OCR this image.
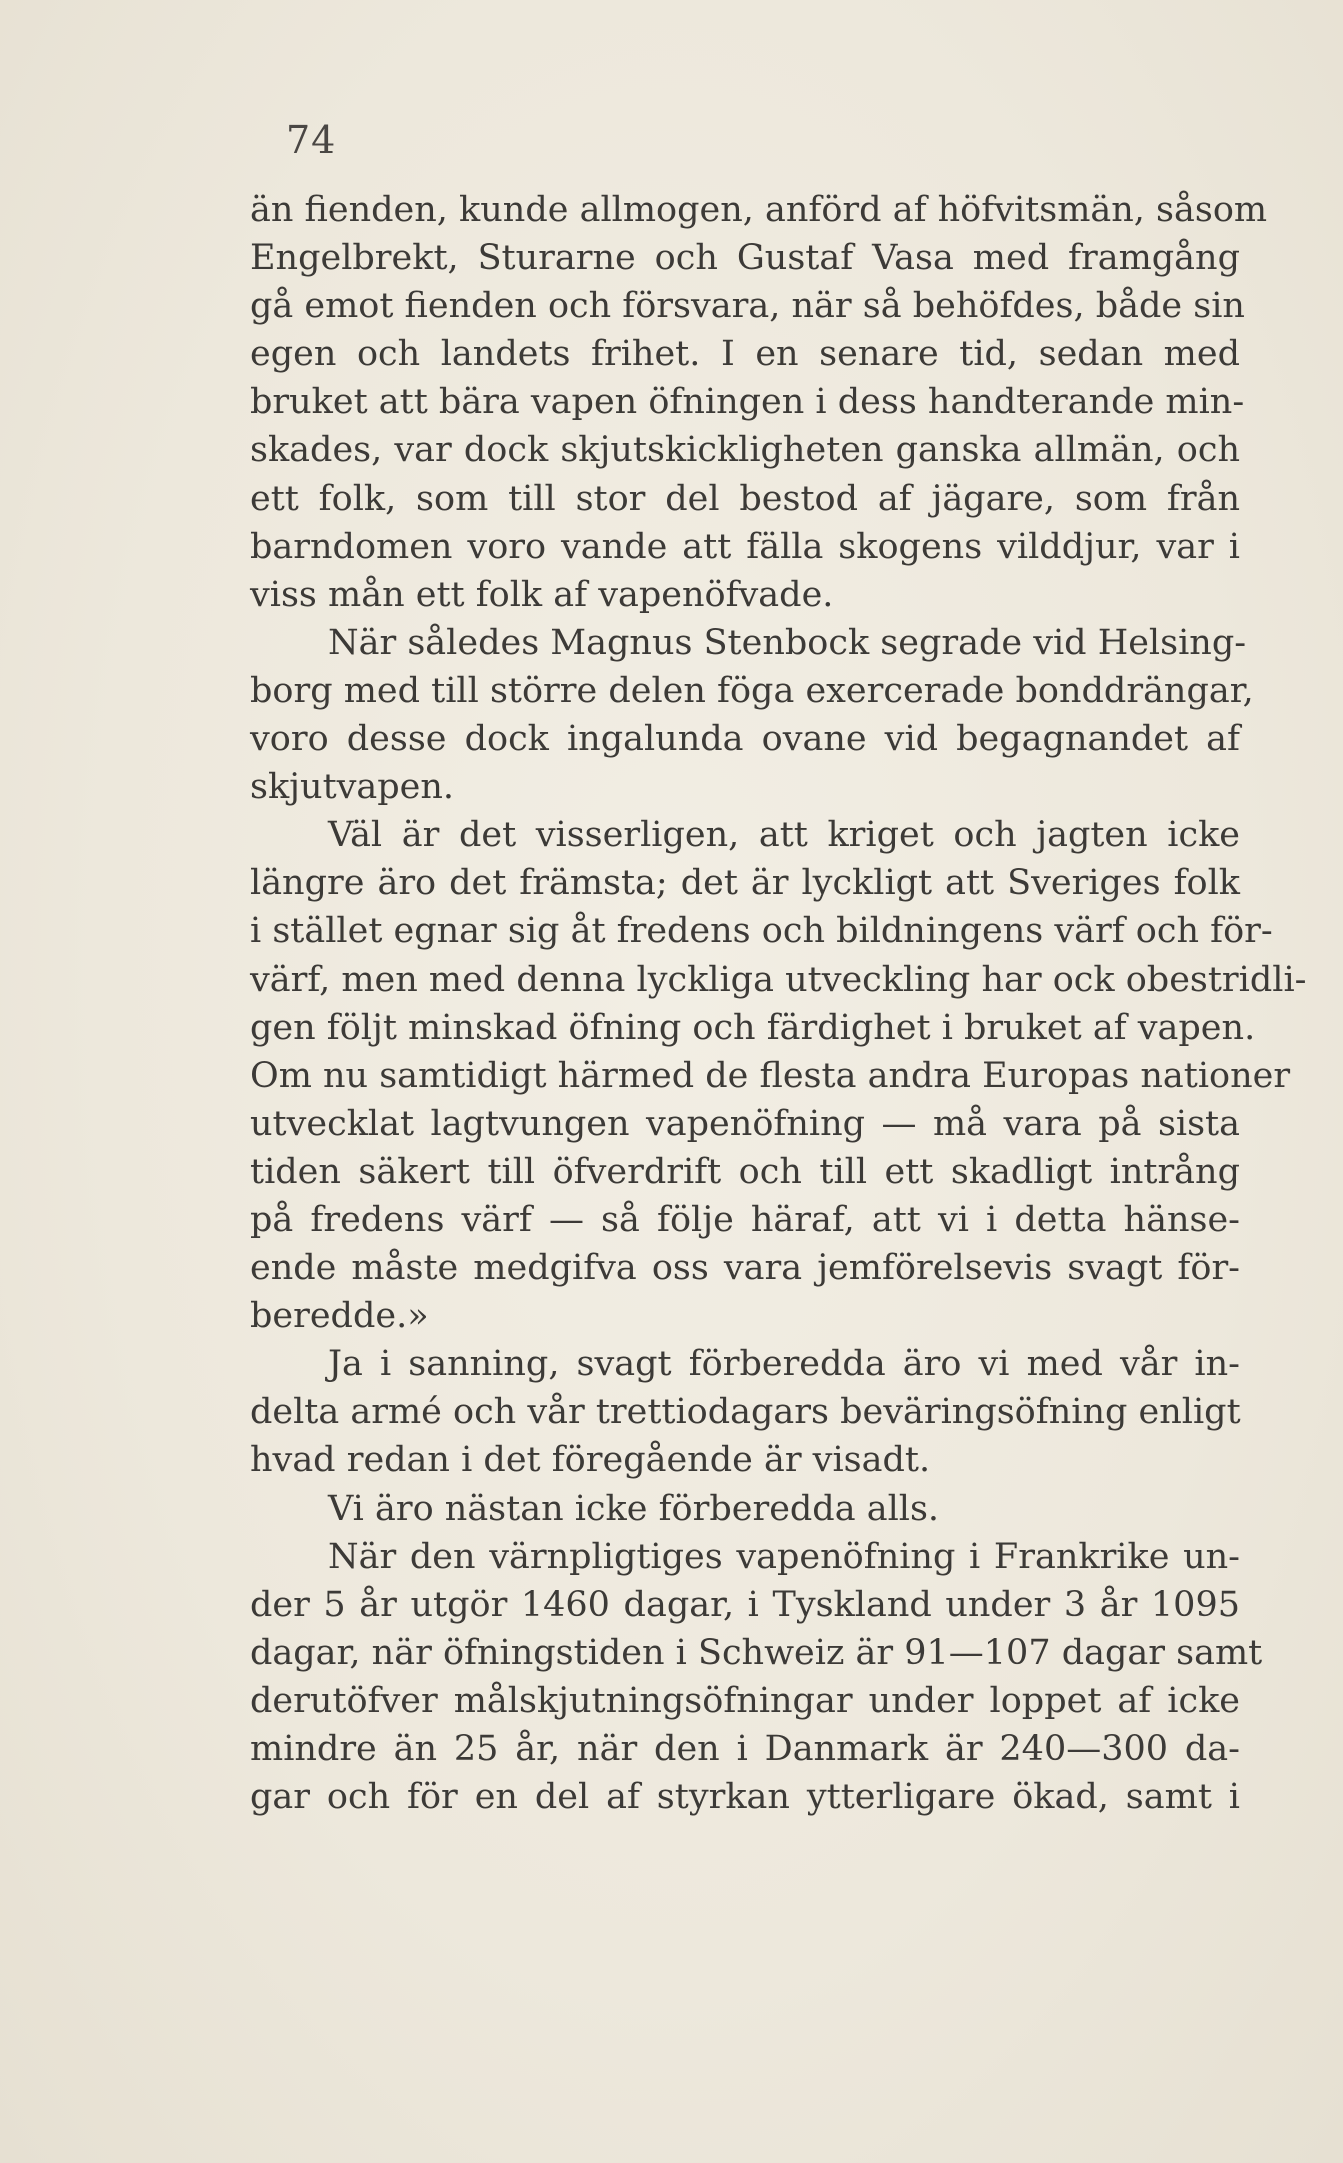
74
än fienden, kunde allmogen, anförd af höfvitsmän, såsom
Engelbrekt, Sturarne och Gustaf Vasa med framgång
gå emot fienden och försvara, när så behöfdes, både sin
egen och landets frihet. I en senare tid, sedan med
bruket att bära vapen öfningen i dess handterande min-
skades, var dock skjutskickligheten ganska allmän, och
ett folk, som till stor del bestod af jägare, som från
barndomen voro vande att fälla skogens vilddjur, var i
viss mån ett folk af vapenöfvade.
När således Magnus Stenbock segrade vid Helsing-
borg med till större delen föga exercerade bonddrängar,
voro desse dock ingalunda ovane vid begagnandet af
skjutvapen.
Väl är det visserligen, att kriget och jagten icke
längre äro det främsta; det är lyckligt att Sveriges folk
i stället egnar sig åt fredens och bildningens värf och för-
värf, men med denna lyckliga utveckling har ock obestridli-
gen följt minskad öfning och färdighet i bruket af vapen.
Om nu samtidigt härmed de flesta andra Europas nationer
utvecklat lagtvungen vapenöfning — må vara på sista
tiden säkert till öfverdrift och till ett skadligt intrång
på fredens värf — så följe häraf, att vi i detta hänse-
ende måste medgifva oss vara jemförelsevis svagt för-
beredde.»
Ja i sanning, svagt förberedda äro vi med vår in-
delta armé och vår trettiodagars beväringsöfning enligt
hvad redan i det föregående är visadt.
Vi äro nästan icke förberedda alls.
När den värnpligtiges vapenöfning i Frankrike un-
der 5 år utgör 1460 dagar, i Tyskland under 3 år 1095
dagar, när öfningstiden i Schweiz är 91—107 dagar samt
derutöfver målskjutningsöfningar under loppet af icke
mindre än 25 år, när den i Danmark är 240—300 da-
gar och för en del af styrkan ytterligare ökad, samt i
